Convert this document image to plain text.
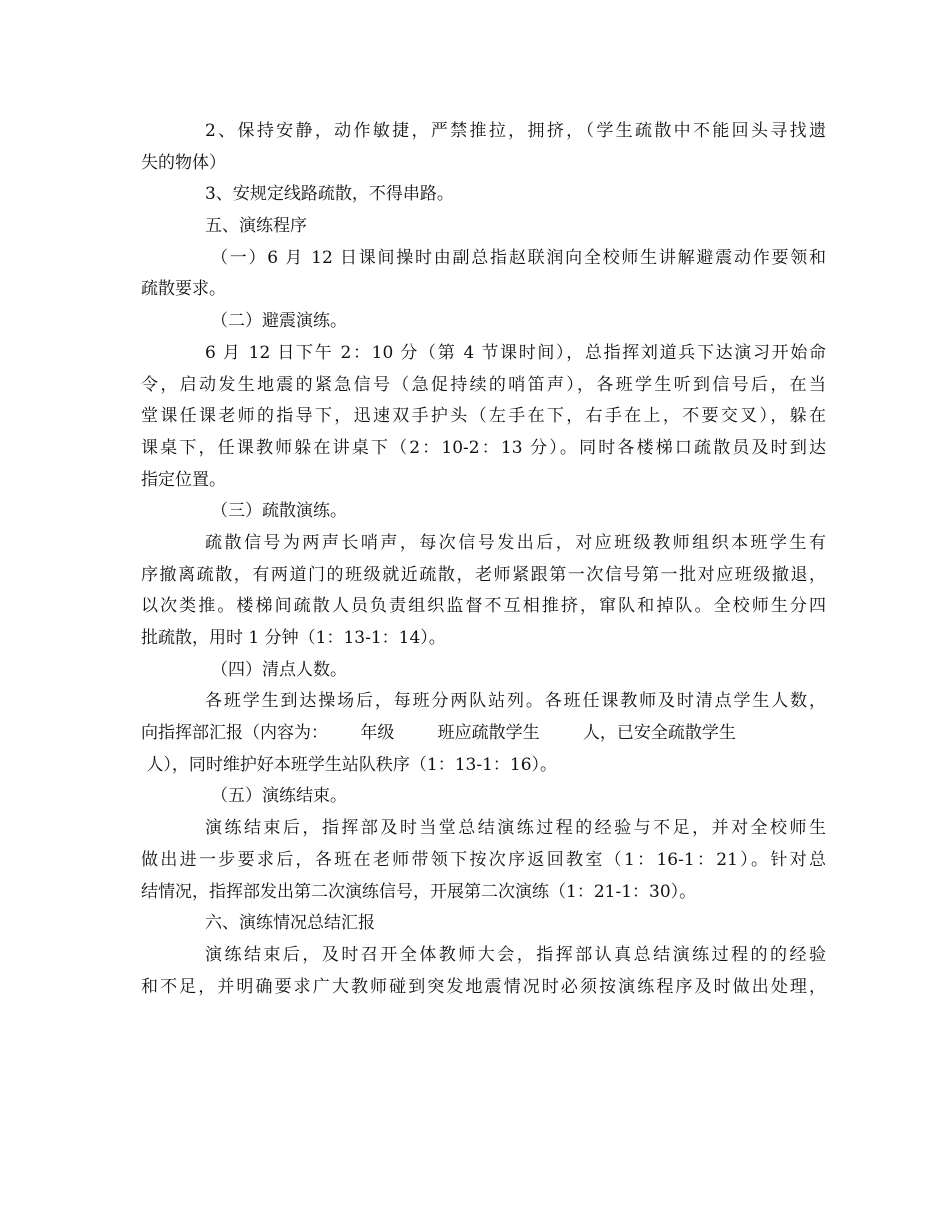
2、保持安静，动作敏捷，严禁推拉，拥挤，（学生疏散中不能回头寻找遗
失的物体）
3、安规定线路疏散，不得串路。
五、演练程序
（一）6 月 12 日课间操时由副总指赵联润向全校师生讲解避震动作要领和
疏散要求。
（二）避震演练。
6 月 12 日下午 2：10 分（第 4 节课时间），总指挥刘道兵下达演习开始命
令，启动发生地震的紧急信号（急促持续的哨笛声），各班学生听到信号后，在当
堂课任课老师的指导下，迅速双手护头（左手在下，右手在上，不要交叉），躲在
课桌下，任课教师躲在讲桌下（2：10-2：13 分）。同时各楼梯口疏散员及时到达
指定位置。
（三）疏散演练。
疏散信号为两声长哨声，每次信号发出后，对应班级教师组织本班学生有
序撤离疏散，有两道门的班级就近疏散，老师紧跟第一次信号第一批对应班级撤退，
以次类推。楼梯间疏散人员负责组织监督不互相推挤，窜队和掉队。全校师生分四
批疏散，用时 1 分钟（1：13-1：14）。
（四）清点人数。
各班学生到达操场后，每班分两队站列。各班任课教师及时清点学生人数，
向指挥部汇报（内容为：      年级        班应疏散学生        人，已安全疏散学生
人），同时维护好本班学生站队秩序（1：13-1：16）。
（五）演练结束。
演练结束后，指挥部及时当堂总结演练过程的经验与不足，并对全校师生
做出进一步要求后，各班在老师带领下按次序返回教室（1：16-1：21）。针对总
结情况，指挥部发出第二次演练信号，开展第二次演练（1：21-1：30）。
六、演练情况总结汇报
演练结束后，及时召开全体教师大会，指挥部认真总结演练过程的的经验
和不足，并明确要求广大教师碰到突发地震情况时必须按演练程序及时做出处理，
